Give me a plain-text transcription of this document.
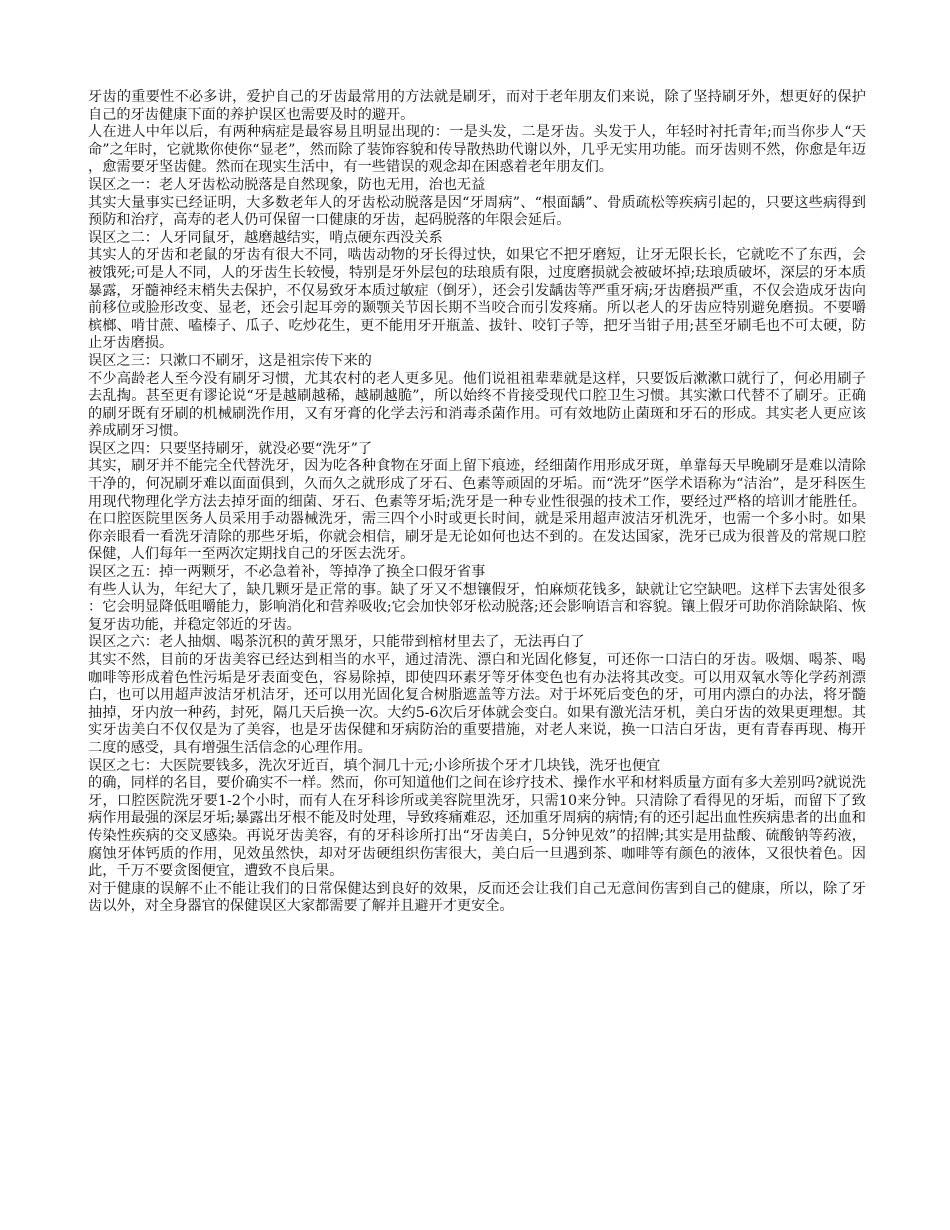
牙齿的重要性不必多讲，爱护自己的牙齿最常用的方法就是刷牙，而对于老年朋友们来说，除了坚持刷牙外，想更好的保护自己的牙齿健康下面的养护误区也需要及时的避开。

人在进人中年以后，有两种病症是最容易且明显出现的：一是头发，二是牙齿。头发于人，年轻时衬托青年;而当你步人“天命”之年时，它就欺你使你“显老”，然而除了装饰容貌和传导散热助代谢以外，几乎无实用功能。而牙齿则不然，你愈是年迈，愈需要牙坚齿健。然而在现实生活中，有一些错误的观念却在困惑着老年朋友们。

误区之一：老人牙齿松动脱落是自然现象，防也无用，治也无益

其实大量事实已经证明，大多数老年人的牙齿松动脱落是因“牙周病”、“根面龋”、骨质疏松等疾病引起的，只要这些病得到预防和治疗，高寿的老人仍可保留一口健康的牙齿，起码脱落的年限会延后。

误区之二：人牙同鼠牙，越磨越结实，啃点硬东西没关系

其实人的牙齿和老鼠的牙齿有很大不同，啮齿动物的牙长得过快，如果它不把牙磨短，让牙无限长长，它就吃不了东西，会被饿死;可是人不同，人的牙齿生长较慢，特别是牙外层包的珐琅质有限，过度磨损就会被破坏掉;珐琅质破坏，深层的牙本质暴露，牙髓神经末梢失去保护，不仅易致牙本质过敏症（倒牙），还会引发龋齿等严重牙病;牙齿磨损严重，不仅会造成牙齿向前移位或脸形改变、显老，还会引起耳旁的颞颚关节因长期不当咬合而引发疼痛。所以老人的牙齿应特别避免磨损。不要嚼槟榔、啃甘蔗、嗑榛子、瓜子、吃炒花生，更不能用牙开瓶盖、拔针、咬钉子等，把牙当钳子用;甚至牙刷毛也不可太硬，防止牙齿磨损。

误区之三：只漱口不刷牙，这是祖宗传下来的

不少高龄老人至今没有刷牙习惯，尤其农村的老人更多见。他们说祖祖辈辈就是这样，只要饭后漱漱口就行了，何必用刷子去乱掏。甚至更有谬论说“牙是越刷越稀，越刷越脆”，所以始终不肯接受现代口腔卫生习惯。其实漱口代替不了刷牙。正确的刷牙既有牙刷的机械刷洗作用，又有牙膏的化学去污和消毒杀菌作用。可有效地防止菌斑和牙石的形成。其实老人更应该养成刷牙习惯。

误区之四：只要坚持刷牙，就没必要“洗牙”了

其实，刷牙并不能完全代替洗牙，因为吃各种食物在牙面上留下痕迹，经细菌作用形成牙斑，单靠每天早晚刷牙是难以清除干净的，何况刷牙难以面面俱到，久而久之就形成了牙石、色素等顽固的牙垢。而“洗牙”医学术语称为“洁治”，是牙科医生用现代物理化学方法去掉牙面的细菌、牙石、色素等牙垢;洗牙是一种专业性很强的技术工作，要经过严格的培训才能胜任。在口腔医院里医务人员采用手动器械洗牙，需三四个小时或更长时间，就是采用超声波洁牙机洗牙，也需一个多小时。如果你亲眼看一看洗牙清除的那些牙垢，你就会相信，刷牙是无论如何也达不到的。在发达国家，洗牙已成为很普及的常规口腔保健，人们每年一至两次定期找自己的牙医去洗牙。

误区之五：掉一两颗牙，不必急着补，等掉净了换全口假牙省事

有些人认为，年纪大了，缺几颗牙是正常的事。缺了牙又不想镶假牙，怕麻烦花钱多，缺就让它空缺吧。这样下去害处很多：它会明显降低咀嚼能力，影响消化和营养吸收;它会加快邻牙松动脱落;还会影响语言和容貌。镶上假牙可助你消除缺陷、恢复牙齿功能，并稳定邻近的牙齿。

误区之六：老人抽烟、喝茶沉积的黄牙黑牙，只能带到棺材里去了，无法再白了

其实不然，目前的牙齿美容已经达到相当的水平，通过清洗、漂白和光固化修复，可还你一口洁白的牙齿。吸烟、喝茶、喝咖啡等形成着色性污垢是牙表面变色，容易除掉，即使四环素牙等牙体变色也有办法将其改变。可以用双氧水等化学药剂漂白，也可以用超声波洁牙机洁牙，还可以用光固化复合树脂遮盖等方法。对于坏死后变色的牙，可用内漂白的办法，将牙髓抽掉，牙内放一种药，封死，隔几天后换一次。大约5-6次后牙体就会变白。如果有激光洁牙机，美白牙齿的效果更理想。其实牙齿美白不仅仅是为了美容，也是牙齿保健和牙病防治的重要措施，对老人来说，换一口洁白牙齿，更有青春再现、梅开二度的感受，具有增强生活信念的心理作用。

误区之七：大医院要钱多，洗次牙近百，填个洞几十元;小诊所拔个牙才几块钱，洗牙也便宜

的确，同样的名目，要价确实不一样。然而，你可知道他们之间在诊疗技术、操作水平和材料质量方面有多大差别吗?就说洗牙，口腔医院洗牙要1-2个小时，而有人在牙科诊所或美容院里洗牙，只需10来分钟。只清除了看得见的牙垢，而留下了致病作用最强的深层牙垢;暴露出牙根不能及时处理，导致疼痛难忍，还加重牙周病的病情;有的还引起出血性疾病患者的出血和传染性疾病的交叉感染。再说牙齿美容，有的牙科诊所打出“牙齿美白，5分钟见效”的招牌;其实是用盐酸、硫酸钠等药液，腐蚀牙体钙质的作用，见效虽然快，却对牙齿硬组织伤害很大，美白后一旦遇到茶、咖啡等有颜色的液体，又很快着色。因此，千万不要贪图便宜，遭致不良后果。

对于健康的误解不止不能让我们的日常保健达到良好的效果，反而还会让我们自己无意间伤害到自己的健康，所以，除了牙齿以外，对全身器官的保健误区大家都需要了解并且避开才更安全。
